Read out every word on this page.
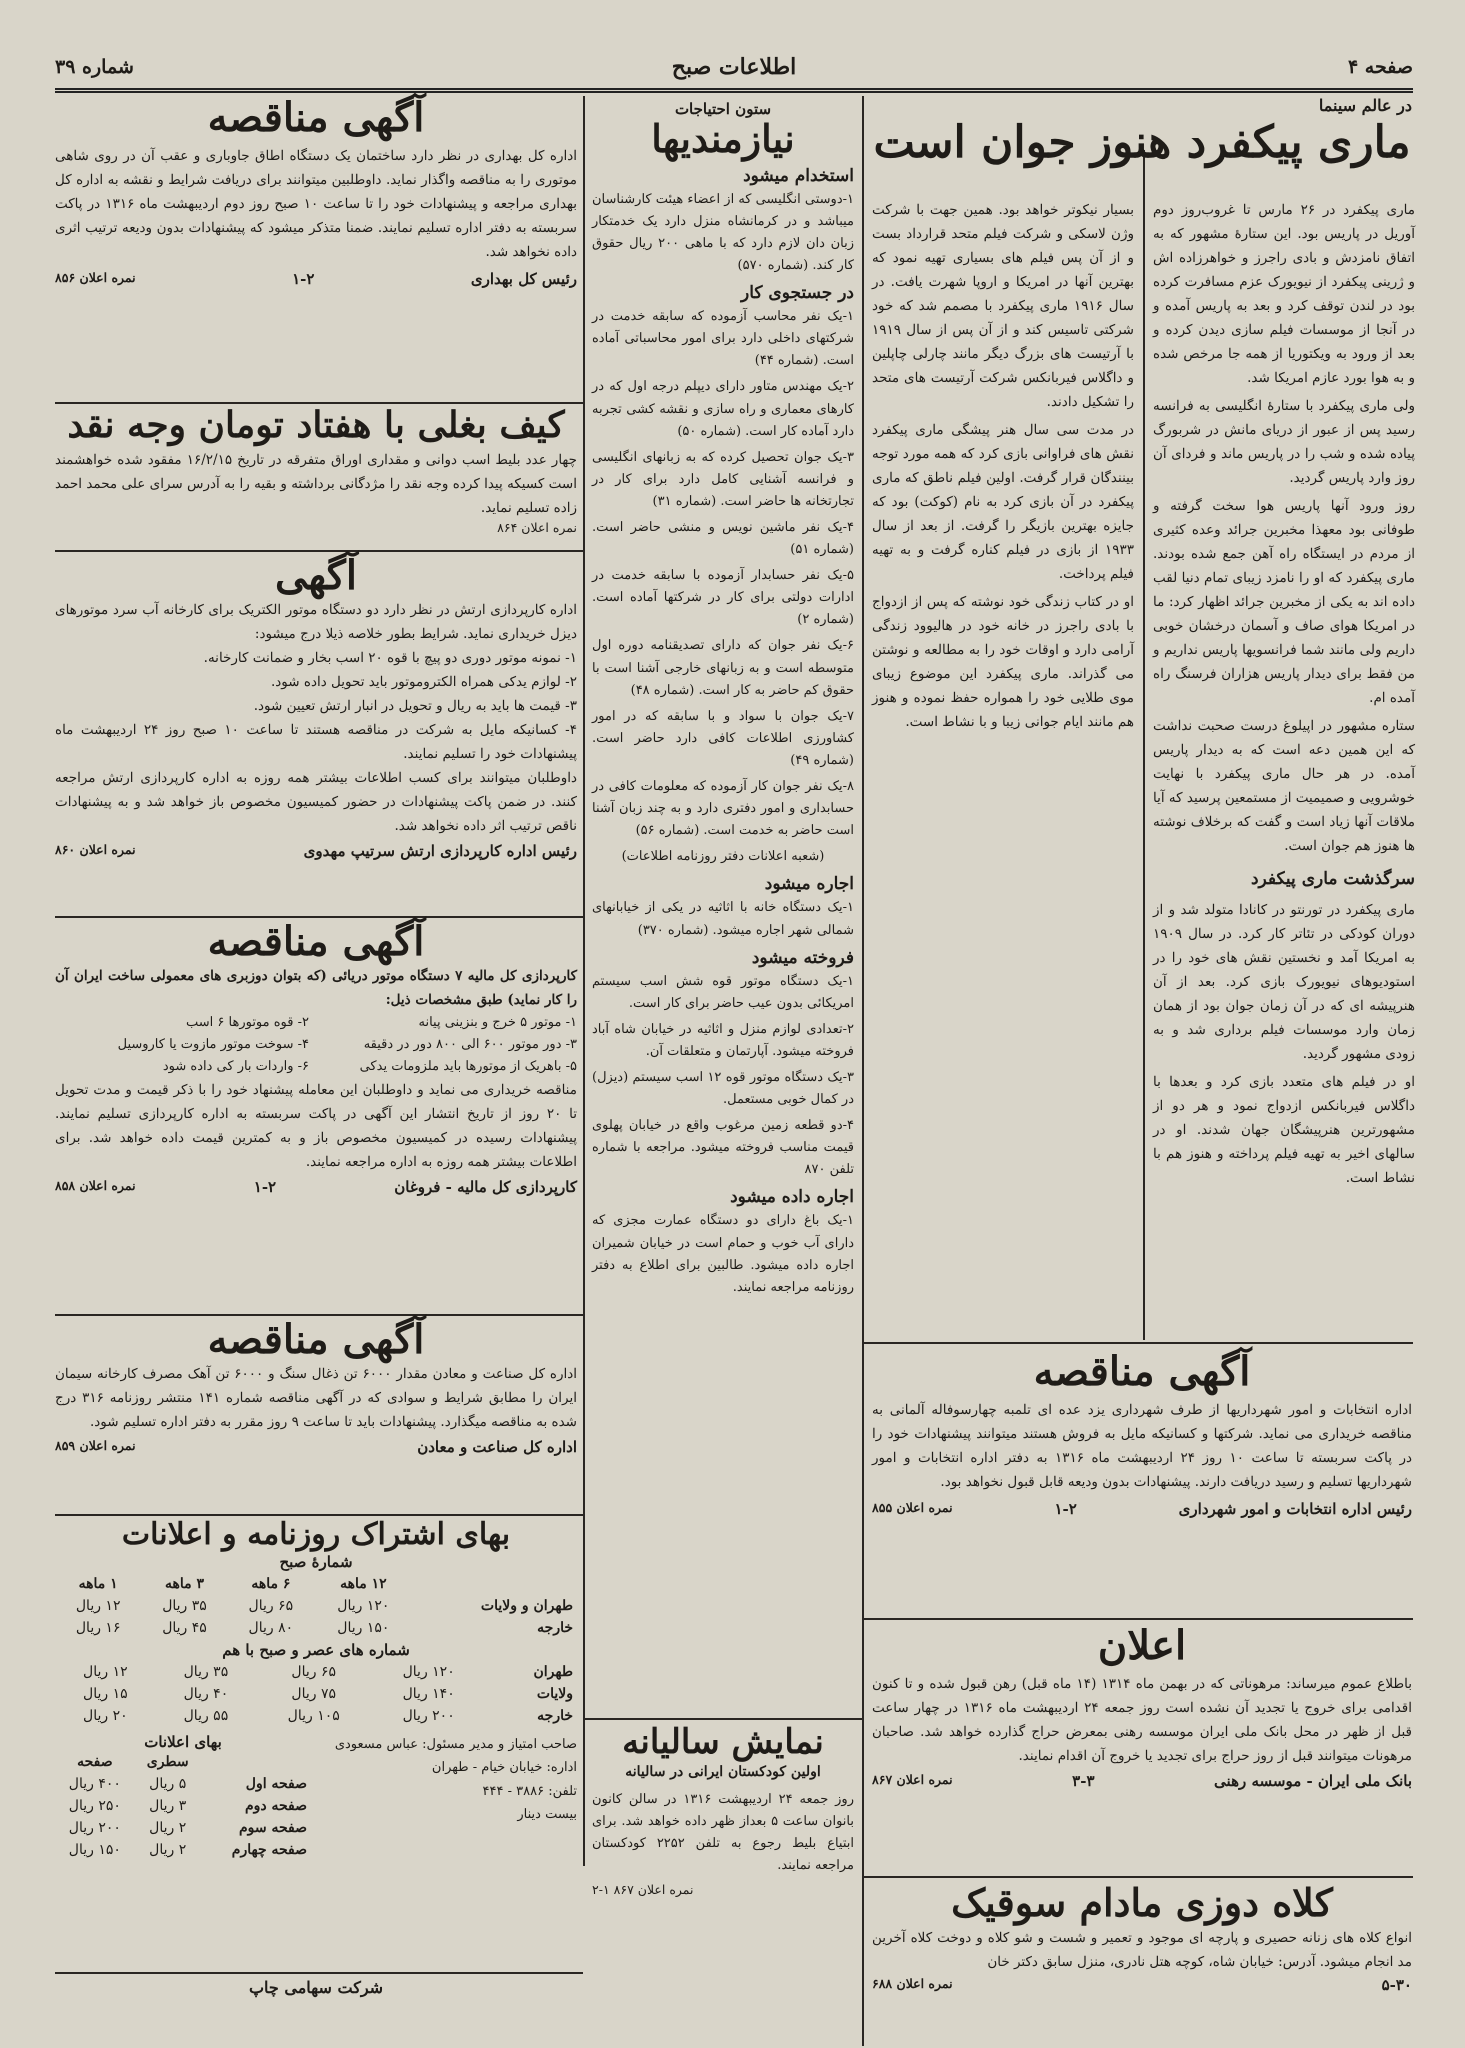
صفحه ۴
اطلاعات صبح
شماره ۳۹
در عالم سینما
ماری پیکفرد هنوز جوان است

ماری پیکفرد در ۲۶ مارس تا غروب‌روز دوم آوریل در پاریس بود. این ستارهٔ مشهور که به اتفاق نامزدش و بادی راجرز و خواهرزاده اش و ژرینی پیکفرد از نیویورک عزم مسافرت کرده بود در لندن توقف کرد و بعد به پاریس آمده و در آنجا از موسسات فیلم سازی دیدن کرده و بعد از ورود به ویکتوریا از همه جا مرخص شده و به هوا بورد عازم امریکا شد.

ولی ماری پیکفرد با ستارهٔ انگلیسی به فرانسه رسید پس از عبور از دریای مانش در شربورگ پیاده شده و شب را در پاریس ماند و فردای آن روز وارد پاریس گردید.

روز ورود آنها پاریس هوا سخت گرفته و طوفانی بود معهذا مخبرین جرائد وعده کثیری از مردم در ایستگاه راه آهن جمع شده بودند. ماری پیکفرد که او را نامزد زیبای تمام دنیا لقب داده اند به یکی از مخبرین جرائد اظهار کرد: ما در امریکا هوای صاف و آسمان درخشان خوبی داریم ولی مانند شما فرانسویها پاریس نداریم و من فقط برای دیدار پاریس هزاران فرسنگ راه آمده ام.

ستاره مشهور در اپیلوغ درست صحبت نداشت که این همین دعه است که به دیدار پاریس آمده. در هر حال ماری پیکفرد با نهایت خوشرویی و صمیمیت از مستمعین پرسید که آیا ملاقات آنها زیاد است و گفت که برخلاف نوشته ها هنوز هم جوان است.

سرگذشت ماری پیکفرد

ماری پیکفرد در تورنتو در کانادا متولد شد و از دوران کودکی در تئاتر کار کرد. در سال ۱۹۰۹ به امریکا آمد و نخستین نقش های خود را در استودیوهای نیویورک بازی کرد. بعد از آن هنرپیشه ای که در آن زمان جوان بود از همان زمان وارد موسسات فیلم برداری شد و به زودی مشهور گردید.

او در فیلم های متعدد بازی کرد و بعدها با داگلاس فیربانکس ازدواج نمود و هر دو از مشهورترین هنرپیشگان جهان شدند. او در سالهای اخیر به تهیه فیلم پرداخته و هنوز هم با نشاط است.

بسیار نیکوتر خواهد بود. همین جهت با شرکت وژن لاسکی و شرکت فیلم متحد قرارداد بست و از آن پس فیلم های بسیاری تهیه نمود که بهترین آنها در امریکا و اروپا شهرت یافت. در سال ۱۹۱۶ ماری پیکفرد با مصمم شد که خود شرکتی تاسیس کند و از آن پس از سال ۱۹۱۹ با آرتیست های بزرگ دیگر مانند چارلی چاپلین و داگلاس فیربانکس شرکت آرتیست های متحد را تشکیل دادند.

در مدت سی سال هنر پیشگی ماری پیکفرد نقش های فراوانی بازی کرد که همه مورد توجه بینندگان قرار گرفت. اولین فیلم ناطق که ماری پیکفرد در آن بازی کرد به نام (کوکت) بود که جایزه بهترین بازیگر را گرفت. از بعد از سال ۱۹۳۳ از بازی در فیلم کناره گرفت و به تهیه فیلم پرداخت.

او در کتاب زندگی خود نوشته که پس از ازدواج با بادی راجرز در خانه خود در هالیوود زندگی آرامی دارد و اوقات خود را به مطالعه و نوشتن می گذراند. ماری پیکفرد این موضوع زیبای موی طلایی خود را همواره حفظ نموده و هنوز هم مانند ایام جوانی زیبا و با نشاط است.

آگهی مناقصه
اداره انتخابات و امور شهرداریها از طرف شهرداری یزد عده ای تلمبه چهارسوفاله آلمانی به مناقصه خریداری می نماید. شرکتها و کسانیکه مایل به فروش هستند میتوانند پیشنهادات خود را در پاکت سربسته تا ساعت ۱۰ روز ۲۴ اردیبهشت ماه ۱۳۱۶ به دفتر اداره انتخابات و امور شهرداریها تسلیم و رسید دریافت دارند. پیشنهادات بدون ودیعه قابل قبول نخواهد بود.
رئیس اداره انتخابات و امور شهرداری
۱-۲
نمره اعلان ۸۵۵
اعلان
باطلاع عموم میرساند: مرهوناتی که در بهمن ماه ۱۳۱۴ (۱۴ ماه قبل) رهن قبول شده و تا کنون اقدامی برای خروج یا تجدید آن نشده است روز جمعه ۲۴ اردیبهشت ماه ۱۳۱۶ در چهار ساعت قبل از ظهر در محل بانک ملی ایران موسسه رهنی بمعرض حراج گذارده خواهد شد. صاحبان مرهونات میتوانند قبل از روز حراج برای تجدید یا خروج آن اقدام نمایند.
بانک ملی ایران - موسسه رهنی
۳-۳
نمره اعلان ۸۶۷
کلاه دوزی مادام سوقیک
انواع کلاه های زنانه حصیری و پارچه ای موجود و تعمیر و شست و شو کلاه و دوخت کلاه آخرین مد انجام میشود. آدرس: خیابان شاه، کوچه هتل نادری، منزل سابق دکتر خان
۵-۳۰
نمره اعلان ۶۸۸
ستون احتیاجات
نیازمندیها
استخدام میشود
۱-دوستی انگلیسی که از اعضاء هیئت کارشناسان میباشد و در کرمانشاه منزل دارد یک خدمتکار زبان دان لازم دارد که با ماهی ۲۰۰ ریال حقوق کار کند. (شماره ۵۷۰)
در جستجوی کار
۱-یک نفر محاسب آزموده که سابقه خدمت در شرکتهای داخلی دارد برای امور محاسباتی آماده است. (شماره ۴۴)
۲-یک مهندس متاور دارای دیپلم درجه اول که در کارهای معماری و راه سازی و نقشه کشی تجربه دارد آماده کار است. (شماره ۵۰)
۳-یک جوان تحصیل کرده که به زبانهای انگلیسی و فرانسه آشنایی کامل دارد برای کار در تجارتخانه ها حاضر است. (شماره ۳۱)
۴-یک نفر ماشین نویس و منشی حاضر است. (شماره ۵۱)
۵-یک نفر حسابدار آزموده با سابقه خدمت در ادارات دولتی برای کار در شرکتها آماده است. (شماره ۲)
۶-یک نفر جوان که دارای تصدیقنامه دوره اول متوسطه است و به زبانهای خارجی آشنا است با حقوق کم حاضر به کار است. (شماره ۴۸)
۷-یک جوان با سواد و با سابقه که در امور کشاورزی اطلاعات کافی دارد حاضر است. (شماره ۴۹)
۸-یک نفر جوان کار آزموده که معلومات کافی در حسابداری و امور دفتری دارد و به چند زبان آشنا است حاضر به خدمت است. (شماره ۵۶)
(شعبه اعلانات دفتر روزنامه اطلاعات)
اجاره میشود
۱-یک دستگاه خانه با اثاثیه در یکی از خیابانهای شمالی شهر اجاره میشود. (شماره ۳۷۰)
فروخته میشود
۱-یک دستگاه موتور قوه شش اسب سیستم امریکائی بدون عیب حاضر برای کار است.
۲-تعدادی لوازم منزل و اثاثیه در خیابان شاه آباد فروخته میشود. آپارتمان و متعلقات آن.
۳-یک دستگاه موتور قوه ۱۲ اسب سیستم (دیزل) در کمال خوبی مستعمل.
۴-دو قطعه زمین مرغوب واقع در خیابان پهلوی قیمت مناسب فروخته میشود. مراجعه با شماره تلفن ۸۷۰
اجاره داده میشود
۱-یک باغ دارای دو دستگاه عمارت مجزی که دارای آب خوب و حمام است در خیابان شمیران اجاره داده میشود. طالبین برای اطلاع به دفتر روزنامه مراجعه نمایند.
نمایش سالیانه
اولین کودکستان ایرانی در سالیانه
روز جمعه ۲۴ اردیبهشت ۱۳۱۶ در سالن کانون بانوان ساعت ۵ بعداز ظهر داده خواهد شد. برای ابتیاع بلیط رجوع به تلفن ۲۲۵۲ کودکستان مراجعه نمایند.
نمره اعلان ۸۶۷ ۱-۲
آگهی مناقصه
اداره کل بهداری در نظر دارد ساختمان یک دستگاه اطاق جاوباری و عقب آن در روی شاهی موتوری را به مناقصه واگذار نماید. داوطلبین میتوانند برای دریافت شرایط و نقشه به اداره کل بهداری مراجعه و پیشنهادات خود را تا ساعت ۱۰ صبح روز دوم اردیبهشت ماه ۱۳۱۶ در پاکت سربسته به دفتر اداره تسلیم نمایند. ضمنا متذکر میشود که پیشنهادات بدون ودیعه ترتیب اثری داده نخواهد شد.
رئیس کل بهداری
۱-۲
نمره اعلان ۸۵۶
کیف بغلی با هفتاد تومان وجه نقد
چهار عدد بلیط اسب دوانی و مقداری اوراق متفرقه در تاریخ ۱۶/۲/۱۵ مفقود شده خواهشمند است کسیکه پیدا کرده وجه نقد را مژدگانی برداشته و بقیه را به آدرس سرای علی محمد احمد زاده تسلیم نماید.
نمره اعلان ۸۶۴
آگهی
اداره کارپردازی ارتش در نظر دارد دو دستگاه موتور الکتریک برای کارخانه آب سرد موتورهای دیزل خریداری نماید. شرایط بطور خلاصه ذیلا درج میشود:
۱- نمونه موتور دوری دو پیچ با قوه ۲۰ اسب بخار و ضمانت کارخانه.
۲- لوازم یدکی همراه الکتروموتور باید تحویل داده شود.
۳- قیمت ها باید به ریال و تحویل در انبار ارتش تعیین شود.
۴- کسانیکه مایل به شرکت در مناقصه هستند تا ساعت ۱۰ صبح روز ۲۴ اردیبهشت ماه پیشنهادات خود را تسلیم نمایند.
داوطلبان میتوانند برای کسب اطلاعات بیشتر همه روزه به اداره کارپردازی ارتش مراجعه کنند. در ضمن پاکت پیشنهادات در حضور کمیسیون مخصوص باز خواهد شد و به پیشنهادات ناقص ترتیب اثر داده نخواهد شد.
رئیس اداره کارپردازی ارتش سرتیپ مهدوی
نمره اعلان ۸۶۰
آگهی مناقصه
کارپردازی کل مالیه ۷ دستگاه موتور دریائی (که بتوان دوزبری های معمولی ساخت ایران آن را کار نماید) طبق مشخصات ذیل:
۱- موتور ۵ خرج و بنزینی پیانه
۲- قوه موتورها ۶ اسب
۳- دور موتور ۶۰۰ الی ۸۰۰ دور در دقیقه
۴- سوخت موتور مازوت یا کاروسیل
۵- باهریک از موتورها باید ملزومات یدکی
۶- واردات بار کی داده شود
مناقصه خریداری می نماید و داوطلبان این معامله پیشنهاد خود را با ذکر قیمت و مدت تحویل تا ۲۰ روز از تاریخ انتشار این آگهی در پاکت سربسته به اداره کارپردازی تسلیم نمایند. پیشنهادات رسیده در کمیسیون مخصوص باز و به کمترین قیمت داده خواهد شد. برای اطلاعات بیشتر همه روزه به اداره مراجعه نمایند.
کارپردازی کل مالیه - فروغان
۱-۲
نمره اعلان ۸۵۸
آگهی مناقصه
اداره کل صناعت و معادن مقدار ۶۰۰۰ تن ذغال سنگ و ۶۰۰۰ تن آهک مصرف کارخانه سیمان ایران را مطابق شرایط و سوادی که در آگهی مناقصه شماره ۱۴۱ منتشر روزنامه ۳۱۶ درج شده به مناقصه میگذارد. پیشنهادات باید تا ساعت ۹ روز مقرر به دفتر اداره تسلیم شود.
اداره کل صناعت و معادن
نمره اعلان ۸۵۹
بهای اشتراک روزنامه و اعلانات
شمارهٔ صبح
	۱۲ ماهه	۶ ماهه	۳ ماهه	۱ ماهه
طهران و ولایات	۱۲۰ ریال	۶۵ ریال	۳۵ ریال	۱۲ ریال
خارجه	۱۵۰ ریال	۸۰ ریال	۴۵ ریال	۱۶ ریال
شماره های عصر و صبح با هم
طهران	۱۲۰ ریال	۶۵ ریال	۳۵ ریال	۱۲ ریال
ولایات	۱۴۰ ریال	۷۵ ریال	۴۰ ریال	۱۵ ریال
خارجه	۲۰۰ ریال	۱۰۵ ریال	۵۵ ریال	۲۰ ریال
صاحب امتیاز و مدیر مسئول: عباس مسعودی
اداره: خیابان خیام - طهران
تلفن: ۳۸۸۶ - ۴۴۴
بیست دینار
بهای اعلانات
	سطری	صفحه
صفحه اول	۵ ریال	۴۰۰ ریال
صفحه دوم	۳ ریال	۲۵۰ ریال
صفحه سوم	۲ ریال	۲۰۰ ریال
صفحه چهارم	۲ ریال	۱۵۰ ریال
شرکت سهامی چاپ
